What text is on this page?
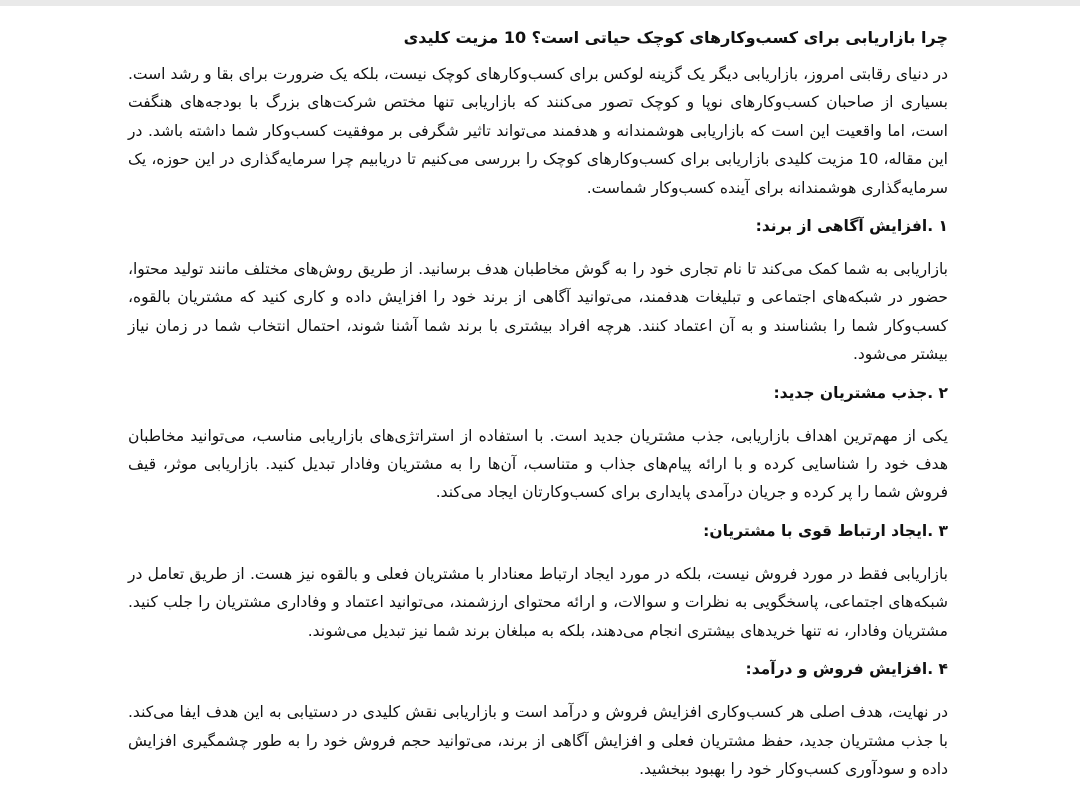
چرا بازاریابی برای کسب‌وکارهای کوچک حیاتی است؟ 10 مزیت کلیدی

در دنیای رقابتی امروز، بازاریابی دیگر یک گزینه لوکس برای کسب‌وکارهای کوچک نیست، بلکه یک ضرورت برای بقا و رشد است. بسیاری از صاحبان کسب‌وکارهای نوپا و کوچک تصور می‌کنند که بازاریابی تنها مختص شرکت‌های بزرگ با بودجه‌های هنگفت است، اما واقعیت این است که بازاریابی هوشمندانه و هدفمند می‌تواند تاثیر شگرفی بر موفقیت کسب‌وکار شما داشته باشد. در این مقاله، 10 مزیت کلیدی بازاریابی برای کسب‌وکارهای کوچک را بررسی می‌کنیم تا دریابیم چرا سرمایه‌گذاری در این حوزه، یک سرمایه‌گذاری هوشمندانه برای آینده کسب‌وکار شماست.

۱ .افزایش آگاهی از برند:

بازاریابی به شما کمک می‌کند تا نام تجاری خود را به گوش مخاطبان هدف برسانید. از طریق روش‌های مختلف مانند تولید محتوا، حضور در شبکه‌های اجتماعی و تبلیغات هدفمند، می‌توانید آگاهی از برند خود را افزایش داده و کاری کنید که مشتریان بالقوه، کسب‌وکار شما را بشناسند و به آن اعتماد کنند. هرچه افراد بیشتری با برند شما آشنا شوند، احتمال انتخاب شما در زمان نیاز بیشتر می‌شود.

۲ .جذب مشتریان جدید:

یکی از مهم‌ترین اهداف بازاریابی، جذب مشتریان جدید است. با استفاده از استراتژی‌های بازاریابی مناسب، می‌توانید مخاطبان هدف خود را شناسایی کرده و با ارائه پیام‌های جذاب و متناسب، آن‌ها را به مشتریان وفادار تبدیل کنید. بازاریابی موثر، قیف فروش شما را پر کرده و جریان درآمدی پایداری برای کسب‌وکارتان ایجاد می‌کند.

۳ .ایجاد ارتباط قوی با مشتریان:

بازاریابی فقط در مورد فروش نیست، بلکه در مورد ایجاد ارتباط معنادار با مشتریان فعلی و بالقوه نیز هست. از طریق تعامل در شبکه‌های اجتماعی، پاسخگویی به نظرات و سوالات، و ارائه محتوای ارزشمند، می‌توانید اعتماد و وفاداری مشتریان را جلب کنید. مشتریان وفادار، نه تنها خریدهای بیشتری انجام می‌دهند، بلکه به مبلغان برند شما نیز تبدیل می‌شوند.

۴ .افزایش فروش و درآمد:

در نهایت، هدف اصلی هر کسب‌وکاری افزایش فروش و درآمد است و بازاریابی نقش کلیدی در دستیابی به این هدف ایفا می‌کند. با جذب مشتریان جدید، حفظ مشتریان فعلی و افزایش آگاهی از برند، می‌توانید حجم فروش خود را به طور چشمگیری افزایش داده و سودآوری کسب‌وکار خود را بهبود ببخشید.
